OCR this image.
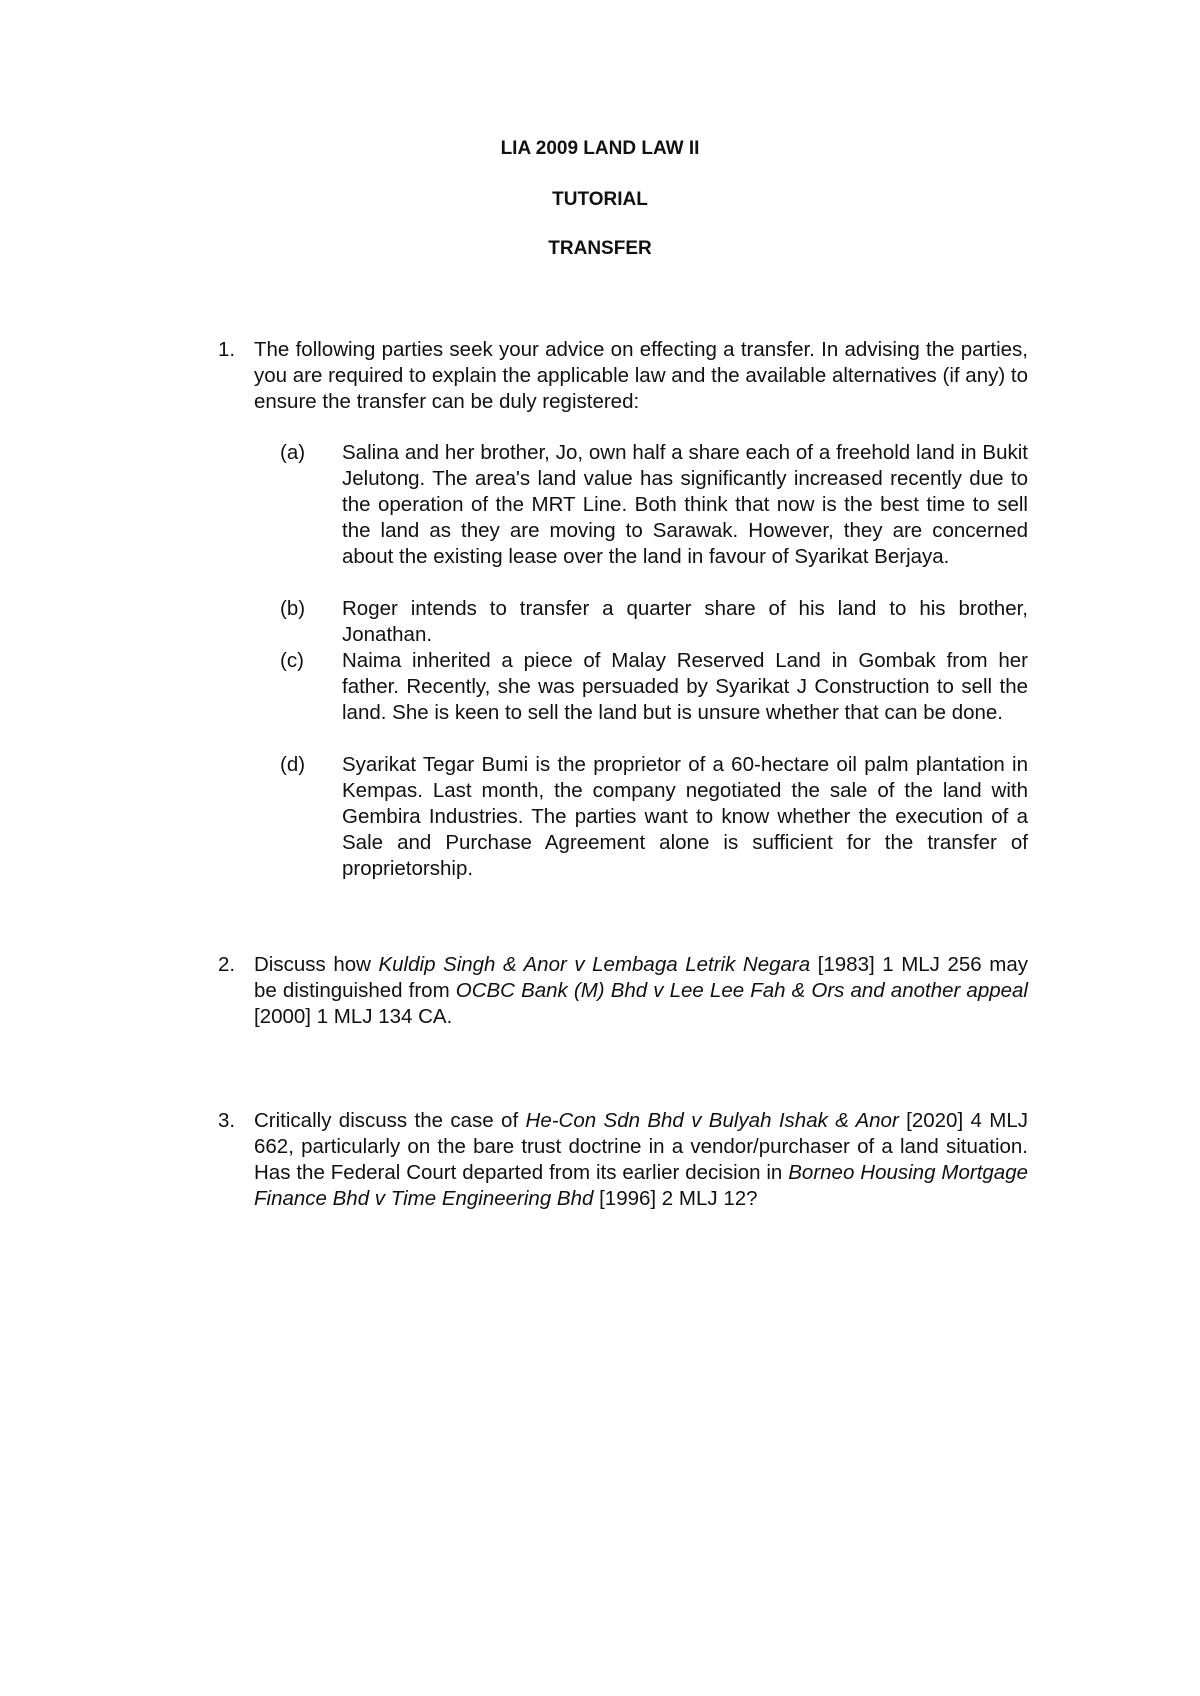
LIA 2009 LAND LAW II
TUTORIAL
TRANSFER
1. The following parties seek your advice on effecting a transfer. In advising the parties, you are required to explain the applicable law and the available alternatives (if any) to ensure the transfer can be duly registered:
(a)	Salina and her brother, Jo, own half a share each of a freehold land in Bukit Jelutong. The area's land value has significantly increased recently due to the operation of the MRT Line. Both think that now is the best time to sell the land as they are moving to Sarawak. However, they are concerned about the existing lease over the land in favour of Syarikat Berjaya.
(b)	Roger intends to transfer a quarter share of his land to his brother, Jonathan.
(c)	Naima inherited a piece of Malay Reserved Land in Gombak from her father. Recently, she was persuaded by Syarikat J Construction to sell the land. She is keen to sell the land but is unsure whether that can be done.
(d)	Syarikat Tegar Bumi is the proprietor of a 60-hectare oil palm plantation in Kempas. Last month, the company negotiated the sale of the land with Gembira Industries. The parties want to know whether the execution of a Sale and Purchase Agreement alone is sufficient for the transfer of proprietorship.
2. Discuss how Kuldip Singh & Anor v Lembaga Letrik Negara [1983] 1 MLJ 256 may be distinguished from OCBC Bank (M) Bhd v Lee Lee Fah & Ors and another appeal [2000] 1 MLJ 134 CA.
3. Critically discuss the case of He-Con Sdn Bhd v Bulyah Ishak & Anor [2020] 4 MLJ 662, particularly on the bare trust doctrine in a vendor/purchaser of a land situation. Has the Federal Court departed from its earlier decision in Borneo Housing Mortgage Finance Bhd v Time Engineering Bhd [1996] 2 MLJ 12?
